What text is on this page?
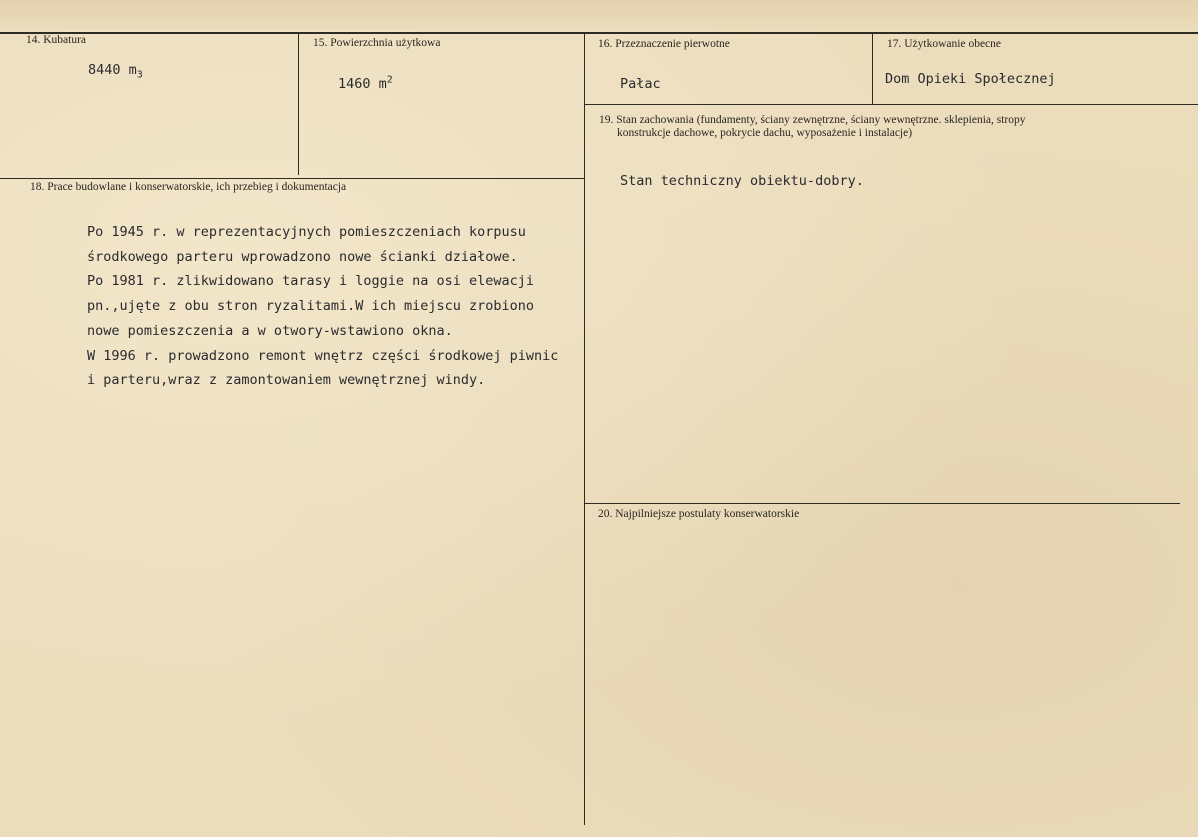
14. Kubatura
8440 $m_3$
15. Powierzchnia użytkowa
1460 $m^2$
16. Przeznaczenie pierwotne
Pałac
17. Użytkowanie obecne
Dom Opieki Społecznej
19. Stan zachowania (fundamenty, ściany zewnętrzne, ściany wewnętrzne. sklepienia, stropy
konstrukcje dachowe, pokrycie dachu, wyposażenie i instalacje)
Stan techniczny obiektu-dobry.
18. Prace budowlane i konserwatorskie, ich przebieg i dokumentacja
Po 1945 r. w reprezentacyjnych pomieszczeniach korpusu
środkowego parteru wprowadzono nowe ścianki działowe.
Po 1981 r. zlikwidowano tarasy i loggie na osi elewacji
pn.,ujęte z obu stron ryzalitami.W ich miejscu zrobiono
nowe pomieszczenia a w otwory-wstawiono okna.
W 1996 r. prowadzono remont wnętrz części środkowej piwnic
i parteru,wraz z zamontowaniem wewnętrznej windy.
20. Najpilniejsze postulaty konserwatorskie
